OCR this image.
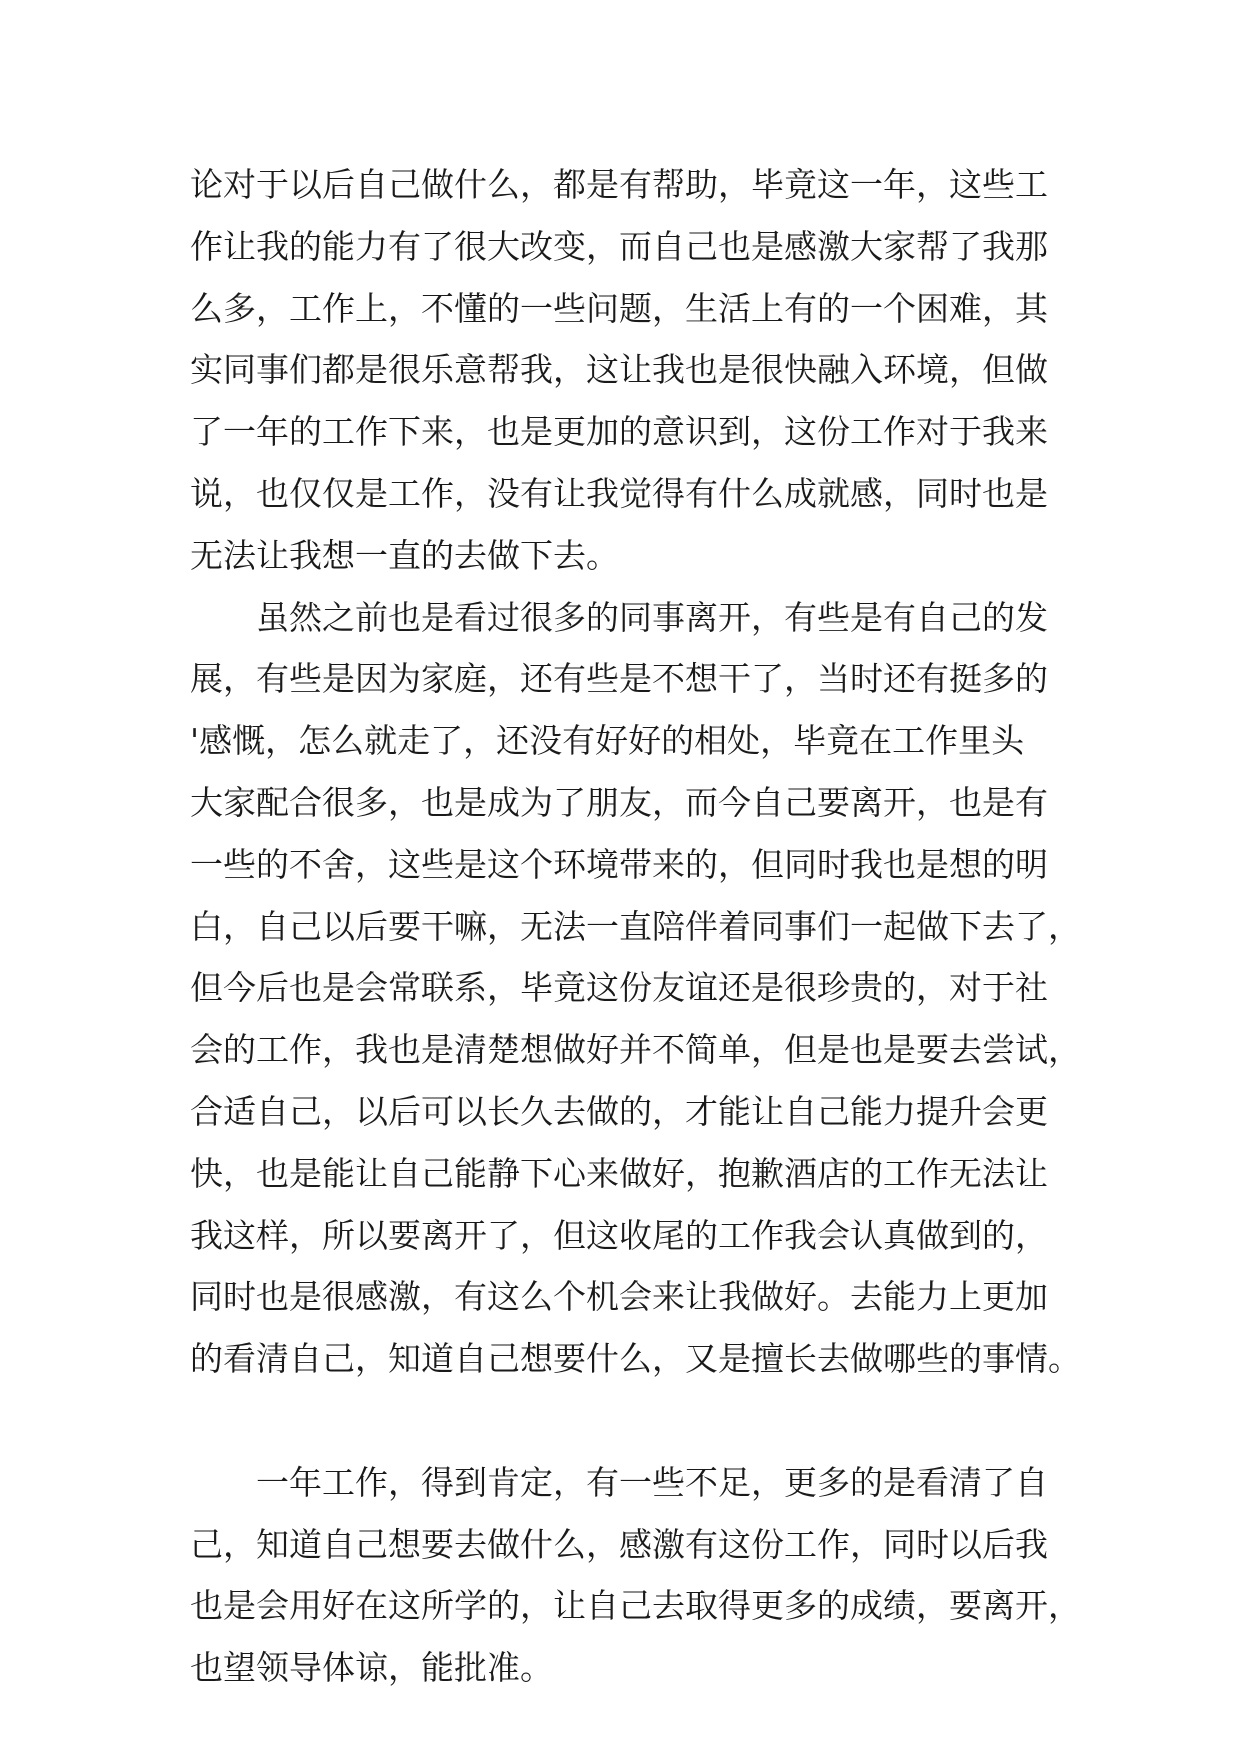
论对于以后自己做什么，都是有帮助，毕竟这一年，这些工
作让我的能力有了很大改变，而自己也是感激大家帮了我那
么多，工作上，不懂的一些问题，生活上有的一个困难，其
实同事们都是很乐意帮我，这让我也是很快融入环境，但做
了一年的工作下来，也是更加的意识到，这份工作对于我来
说，也仅仅是工作，没有让我觉得有什么成就感，同时也是
无法让我想一直的去做下去。

　　虽然之前也是看过很多的同事离开，有些是有自己的发
展，有些是因为家庭，还有些是不想干了，当时还有挺多的
'感慨，怎么就走了，还没有好好的相处，毕竟在工作里头
大家配合很多，也是成为了朋友，而今自己要离开，也是有
一些的不舍，这些是这个环境带来的，但同时我也是想的明
白，自己以后要干嘛，无法一直陪伴着同事们一起做下去了，
但今后也是会常联系，毕竟这份友谊还是很珍贵的，对于社
会的工作，我也是清楚想做好并不简单，但是也是要去尝试，
合适自己，以后可以长久去做的，才能让自己能力提升会更
快，也是能让自己能静下心来做好，抱歉酒店的工作无法让
我这样，所以要离开了，但这收尾的工作我会认真做到的，
同时也是很感激，有这么个机会来让我做好。去能力上更加
的看清自己，知道自己想要什么，又是擅长去做哪些的事情。

　　一年工作，得到肯定，有一些不足，更多的是看清了自
己，知道自己想要去做什么，感激有这份工作，同时以后我
也是会用好在这所学的，让自己去取得更多的成绩，要离开，
也望领导体谅，能批准。
